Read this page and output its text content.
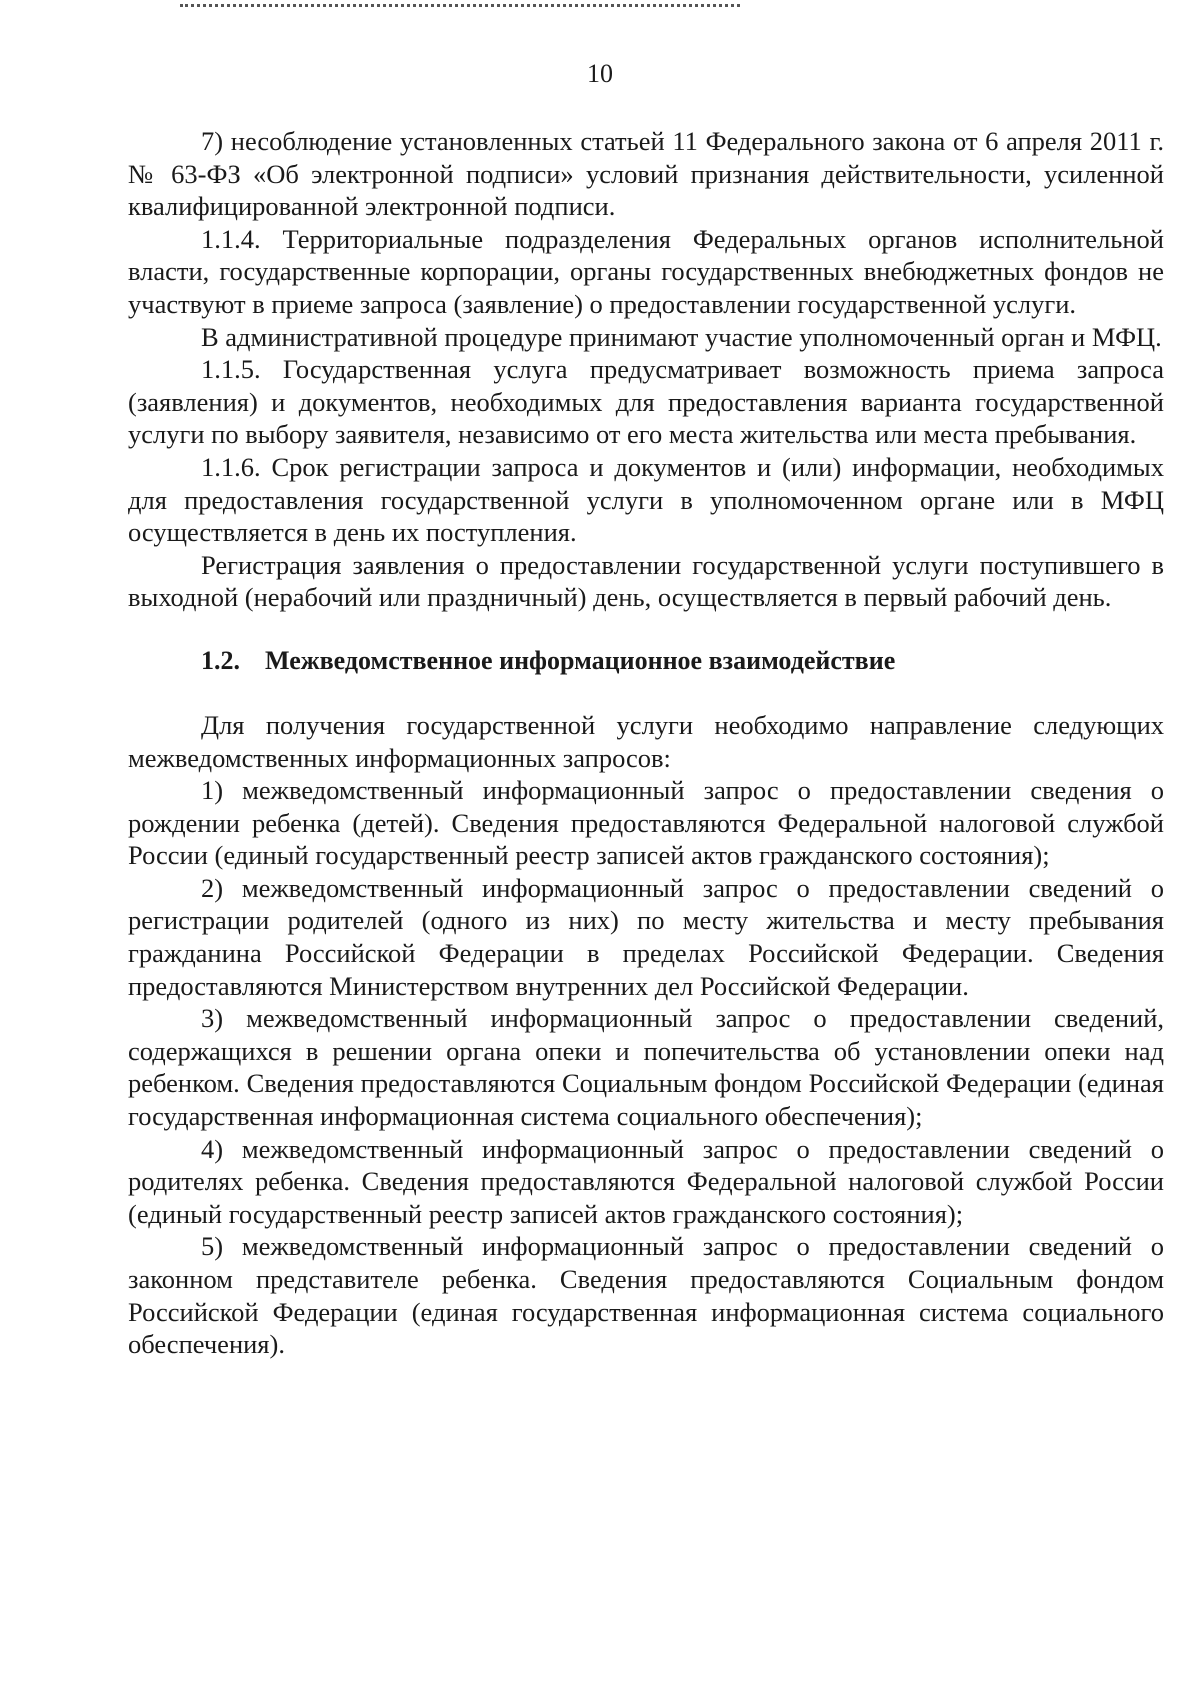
10

7) несоблюдение установленных статьей 11 Федерального закона от 6 апреля 2011 г. № 63-ФЗ «Об электронной подписи» условий признания действительности, усиленной квалифицированной электронной подписи.

1.1.4. Территориальные подразделения Федеральных органов исполнительной власти, государственные корпорации, органы государственных внебюджетных фондов не участвуют в приеме запроса (заявление) о предоставлении государственной услуги.

В административной процедуре принимают участие уполномоченный орган и МФЦ.

1.1.5. Государственная услуга предусматривает возможность приема запроса (заявления) и документов, необходимых для предоставления варианта государственной услуги по выбору заявителя, независимо от его места жительства или места пребывания.

1.1.6. Срок регистрации запроса и документов и (или) информации, необходимых для предоставления государственной услуги в уполномоченном органе или в МФЦ осуществляется в день их поступления.

Регистрация заявления о предоставлении государственной услуги поступившего в выходной (нерабочий или праздничный) день, осуществляется в первый рабочий день.

1.2. Межведомственное информационное взаимодействие

Для получения государственной услуги необходимо направление следующих межведомственных информационных запросов:

1) межведомственный информационный запрос о предоставлении сведения о рождении ребенка (детей). Сведения предоставляются Федеральной налоговой службой России (единый государственный реестр записей актов гражданского состояния);

2) межведомственный информационный запрос о предоставлении сведений о регистрации родителей (одного из них) по месту жительства и месту пребывания гражданина Российской Федерации в пределах Российской Федерации. Сведения предоставляются Министерством внутренних дел Российской Федерации.

3) межведомственный информационный запрос о предоставлении сведений, содержащихся в решении органа опеки и попечительства об установлении опеки над ребенком. Сведения предоставляются Социальным фондом Российской Федерации (единая государственная информационная система социального обеспечения);

4) межведомственный информационный запрос о предоставлении сведений о родителях ребенка. Сведения предоставляются Федеральной налоговой службой России (единый государственный реестр записей актов гражданского состояния);

5) межведомственный информационный запрос о предоставлении сведений о законном представителе ребенка. Сведения предоставляются Социальным фондом Российской Федерации (единая государственная информационная система социального обеспечения).
